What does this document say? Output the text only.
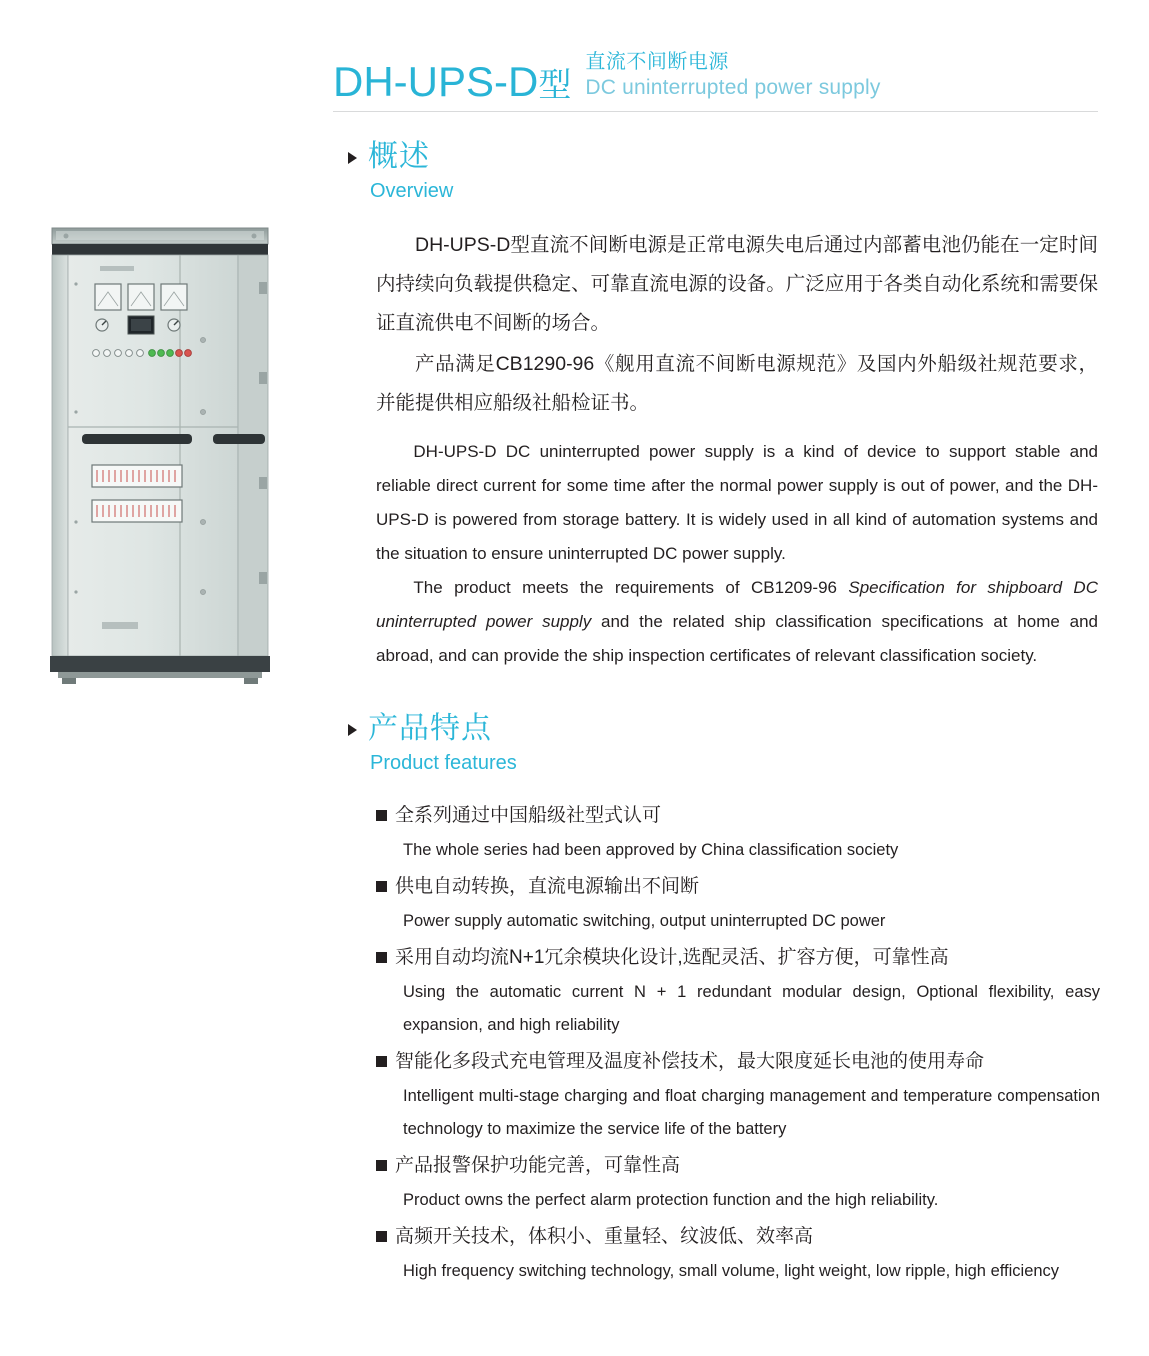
DH-UPS-D型
直流不间断电源
DC uninterrupted power supply
概述
Overview

DH-UPS-D型直流不间断电源是正常电源失电后通过内部蓄电池仍能在一定时间内持续向负载提供稳定、可靠直流电源的设备。广泛应用于各类自动化系统和需要保证直流供电不间断的场合。

产品满足CB1290-96《舰用直流不间断电源规范》及国内外船级社规范要求，并能提供相应船级社船检证书。

DH-UPS-D DC uninterrupted power supply is a kind of device to support stable and reliable direct current for some time after the normal power supply is out of power, and the DH-UPS-D is powered from storage battery. It is widely used in all kind of automation systems and the situation to ensure uninterrupted DC power supply.

The product meets the requirements of CB1209-96 Specification for shipboard DC uninterrupted power supply and the related ship classification specifications at home and abroad, and can provide the ship inspection certificates of relevant classification society.

产品特点
Product features
全系列通过中国船级社型式认可
The whole series had been approved by China classification society
供电自动转换，直流电源输出不间断
Power supply automatic switching, output uninterrupted DC power
采用自动均流N+1冗余模块化设计,选配灵活、扩容方便，可靠性高
Using the automatic current N + 1 redundant modular design, Optional flexibility, easy expansion, and high reliability
智能化多段式充电管理及温度补偿技术，最大限度延长电池的使用寿命
Intelligent multi-stage charging and float charging management and temperature compensation technology to maximize the service life of the battery
产品报警保护功能完善，可靠性高
Product owns the perfect alarm protection function and the high reliability.
高频开关技术，体积小、重量轻、纹波低、效率高
High frequency switching technology, small volume, light weight, low ripple, high efficiency
